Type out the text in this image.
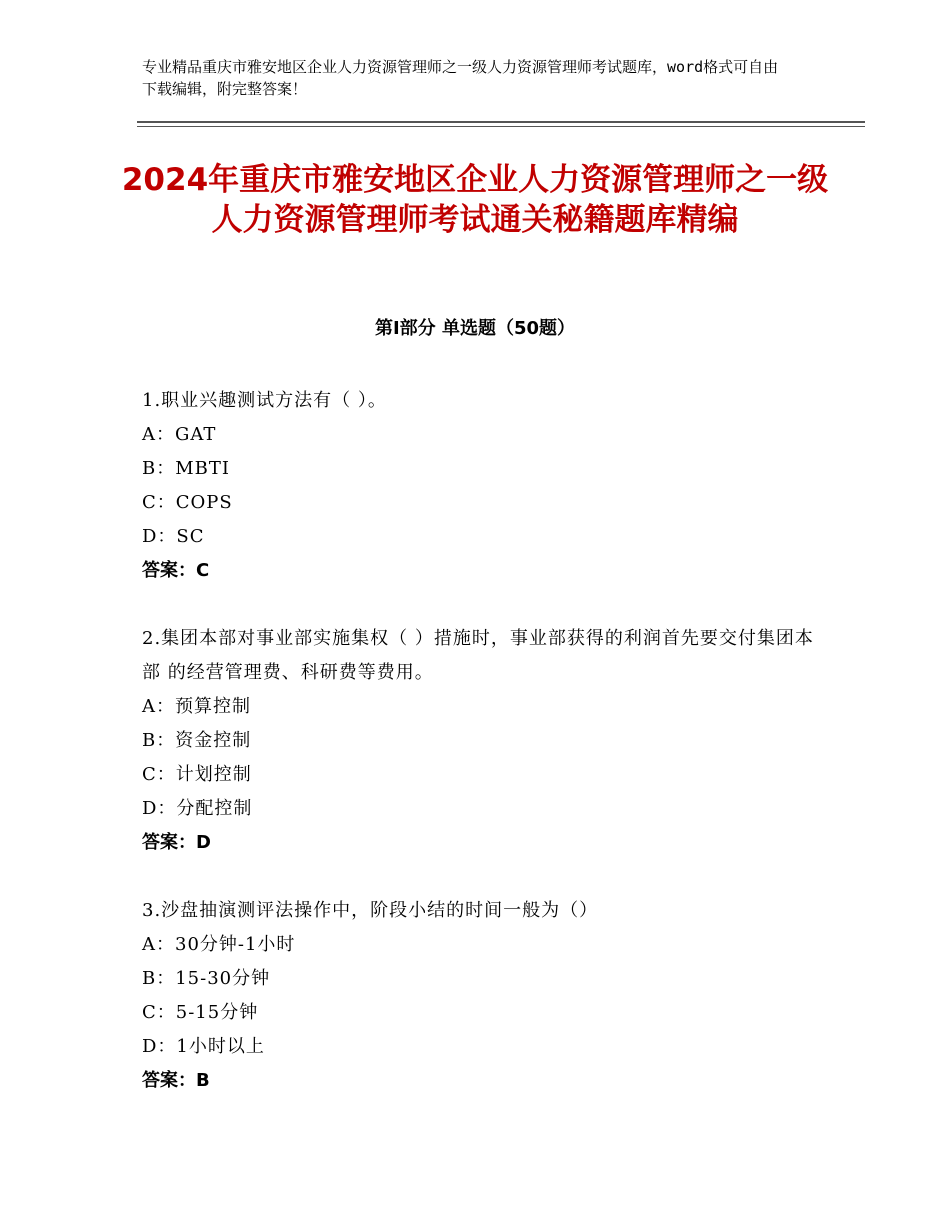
专业精品重庆市雅安地区企业人力资源管理师之一级人力资源管理师考试题库，word格式可自由下载编辑，附完整答案！
2024年重庆市雅安地区企业人力资源管理师之一级人力资源管理师考试通关秘籍题库精编
第Ⅰ部分 单选题（50题）
1.职业兴趣测试方法有（ ）。
A：GAT
B：MBTI
C：COPS
D：SC
答案：C
2.集团本部对事业部实施集权（ ）措施时，事业部获得的利润首先要交付集团本部 的经营管理费、科研费等费用。
A：预算控制
B：资金控制
C：计划控制
D：分配控制
答案：D
3.沙盘抽演测评法操作中，阶段小结的时间一般为（）
A：30分钟-1小时
B：15-30分钟
C：5-15分钟
D：1小时以上
答案：B
